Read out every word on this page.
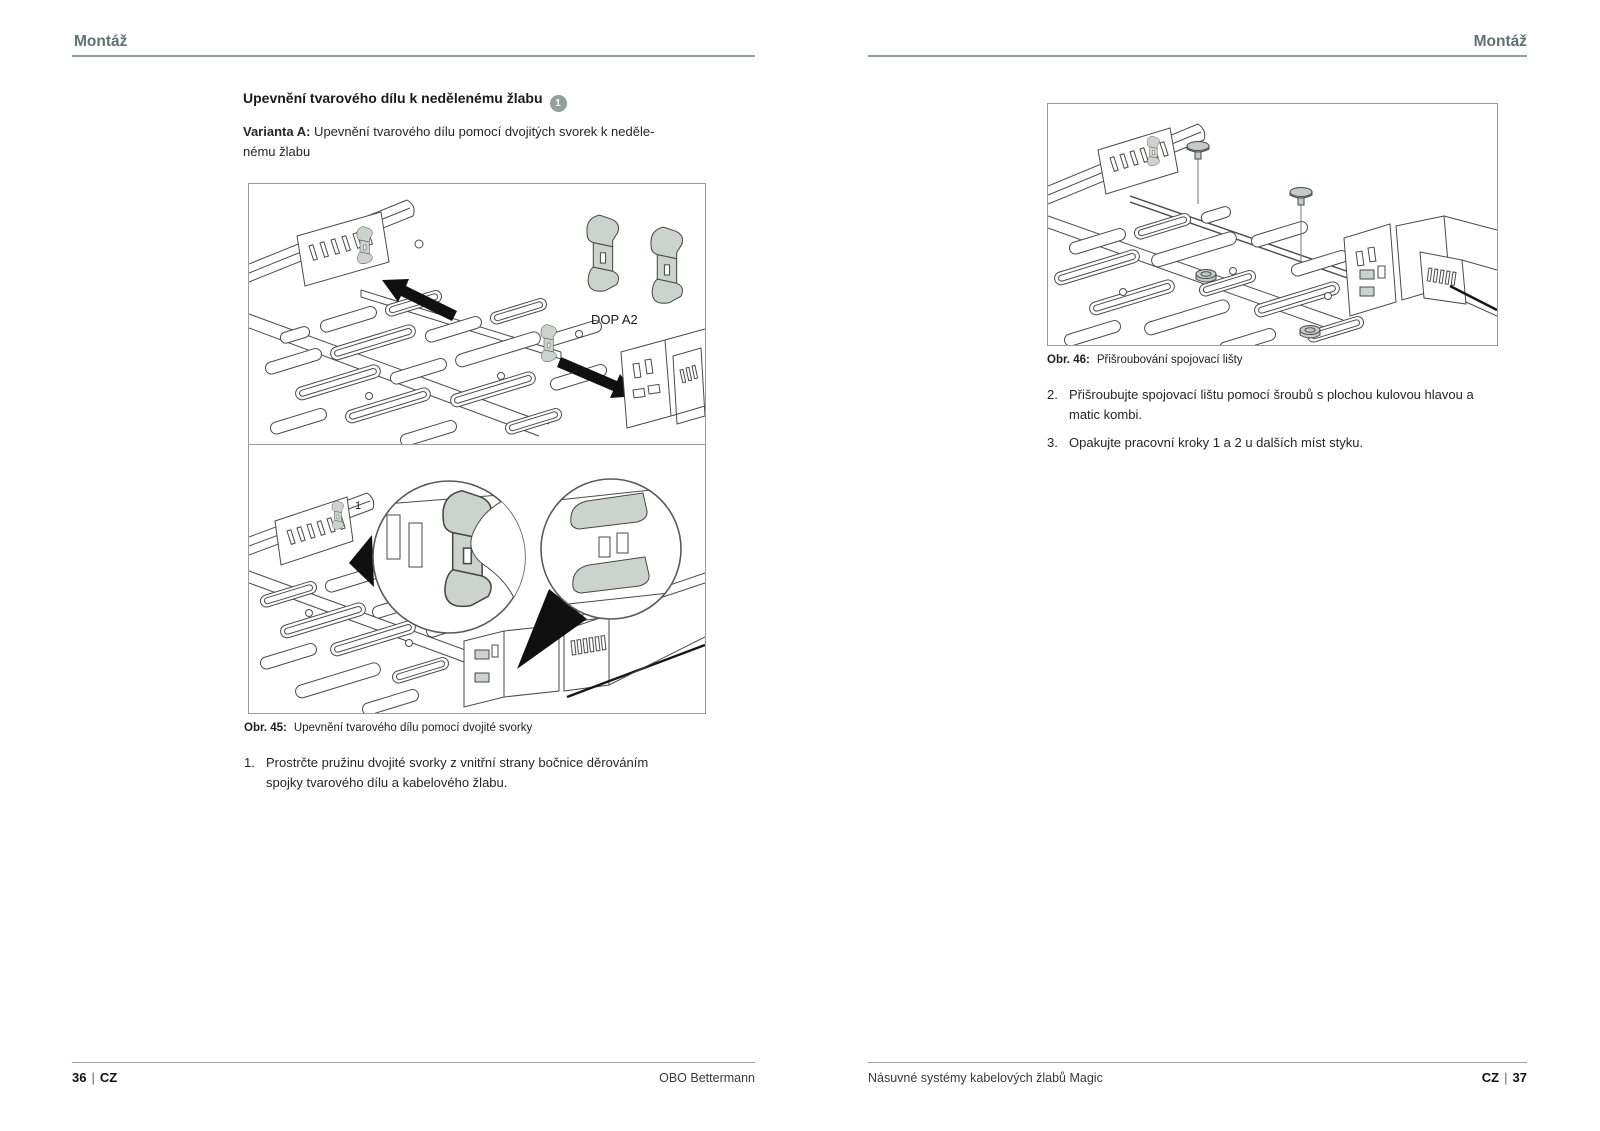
Montáž
Upevnění tvarového dílu k nedělenému žlabu 1
Varianta A: Upevnění tvarového dílu pomocí dvojitých svorek k neděle-
nému žlabu
DOP A2
1
Obr. 45: Upevnění tvarového dílu pomocí dvojité svorky
1. Prostrčte pružinu dvojité svorky z vnitřní strany bočnice děrováním spojky tvarového dílu a kabelového žlabu.
36 | CZ	OBO Bettermann
Montáž
Obr. 46: Přišroubování spojovací lišty
2. Přišroubujte spojovací lištu pomocí šroubů s plochou kulovou hlavou a matic kombi.
3. Opakujte pracovní kroky 1 a 2 u dalších míst styku.
Násuvné systémy kabelových žlabů Magic	CZ | 37
